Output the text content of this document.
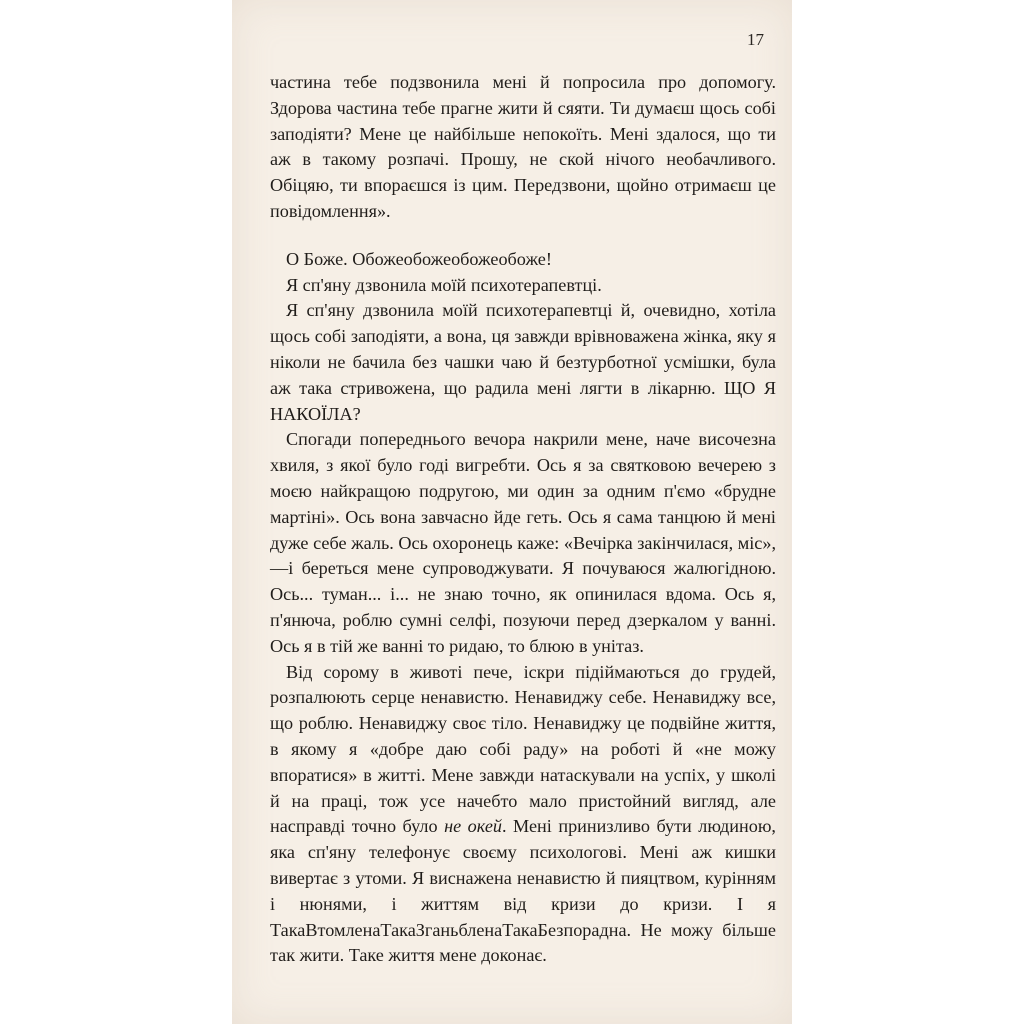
17

частина тебе подзвонила мені й попросила про допомогу. Здорова частина тебе прагне жити й сяяти. Ти думаєш щось собі заподіяти? Мене це найбільше непокоїть. Мені здалося, що ти аж в такому розпачі. Прошу, не ской нічого необачливого. Обіцяю, ти впораєшся із цим. Передзвони, щойно отримаєш це повідомлення».

О Боже. Обожеобожеобожеобоже!

Я сп'яну дзвонила моїй психотерапевтці.

Я сп'яну дзвонила моїй психотерапевтці й, очевидно, хотіла щось собі заподіяти, а вона, ця завжди врівноважена жінка, яку я ніколи не бачила без чашки чаю й безтурботної усмішки, була аж така стривожена, що радила мені лягти в лікарню. ЩО Я НАКОЇЛА?

Спогади попереднього вечора накрили мене, наче височезна хвиля, з якої було годі вигребти. Ось я за святковою вечерею з моєю найкращою подругою, ми один за одним п'ємо «брудне мартіні». Ось вона завчасно йде геть. Ось я сама танцюю й мені дуже себе жаль. Ось охоронець каже: «Вечірка закінчилася, міс»,—і береться мене супроводжувати. Я почуваюся жалюгідною. Ось... туман... і... не знаю точно, як опинилася вдома. Ось я, п'янюча, роблю сумні селфі, позуючи перед дзеркалом у ванні. Ось я в тій же ванні то ридаю, то блюю в унітаз.

Від сорому в животі пече, іскри підіймаються до грудей, розпалюють серце ненавистю. Ненавиджу себе. Ненавиджу все, що роблю. Ненавиджу своє тіло. Ненавиджу це подвійне життя, в якому я «добре даю собі раду» на роботі й «не можу впоратися» в житті. Мене завжди натаскували на успіх, у школі й на праці, тож усе начебто мало пристойний вигляд, але насправді точно було не окей. Мені принизливо бути людиною, яка сп'яну телефонує своєму психологові. Мені аж кишки вивертає з утоми. Я виснажена ненавистю й пияцтвом, курінням і нюнями, і життям від кризи до кризи. І я ТакаВтомленаТакаЗганьбленаТакаБезпорадна. Не можу більше так жити. Таке життя мене доконає.
